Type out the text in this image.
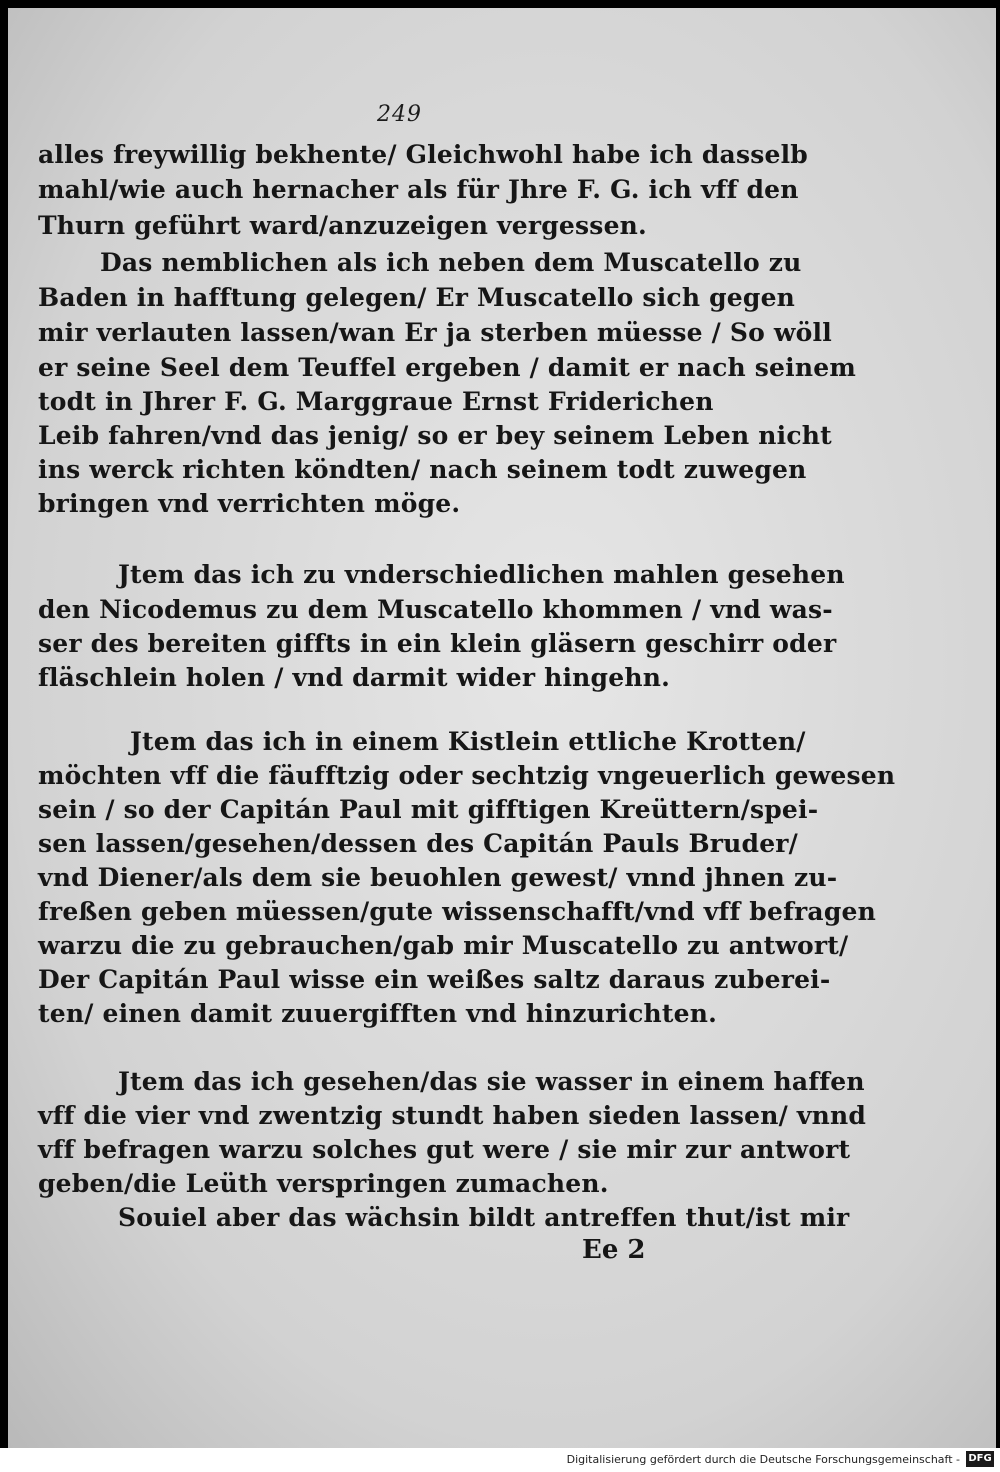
249
alles freywillig bekhente/ Gleichwohl habe ich dasselb
mahl/wie auch hernacher als für Jhre F. G. ich vff den
Thurn geführt ward/anzuzeigen vergessen.
Das nemblichen als ich neben dem Muscatello zu
Baden in hafftung gelegen/ Er Muscatello sich gegen
mir verlauten lassen/wan Er ja sterben müesse / So wöll
er seine Seel dem Teuffel ergeben / damit er nach seinem
todt in Jhrer F. G. Marggraue Ernst Friderichen
Leib fahren/vnd das jenig/ so er bey seinem Leben nicht
ins werck richten köndten/ nach seinem todt zuwegen
bringen vnd verrichten möge.
Jtem das ich zu vnderschiedlichen mahlen gesehen
den Nicodemus zu dem Muscatello khommen / vnd was-
ser des bereiten giffts in ein klein gläsern geschirr oder
fläschlein holen / vnd darmit wider hingehn.
Jtem das ich in einem Kistlein ettliche Krotten/
möchten vff die fäufftzig oder sechtzig vngeuerlich gewesen
sein / so der Capitán Paul mit gifftigen Kreüttern/spei-
sen lassen/gesehen/dessen des Capitán Pauls Bruder/
vnd Diener/als dem sie beuohlen gewest/ vnnd jhnen zu-
freßen geben müessen/gute wissenschafft/vnd vff befragen
warzu die zu gebrauchen/gab mir Muscatello zu antwort/
Der Capitán Paul wisse ein weißes saltz daraus zuberei-
ten/ einen damit zuuergifften vnd hinzurichten.
Jtem das ich gesehen/das sie wasser in einem haffen
vff die vier vnd zwentzig stundt haben sieden lassen/ vnnd
vff befragen warzu solches gut were / sie mir zur antwort
geben/die Leüth verspringen zumachen.
Souiel aber das wächsin bildt antreffen thut/ist mir
Ee 2
Digitalisierung gefördert durch die Deutsche Forschungsgemeinschaft - DFG
